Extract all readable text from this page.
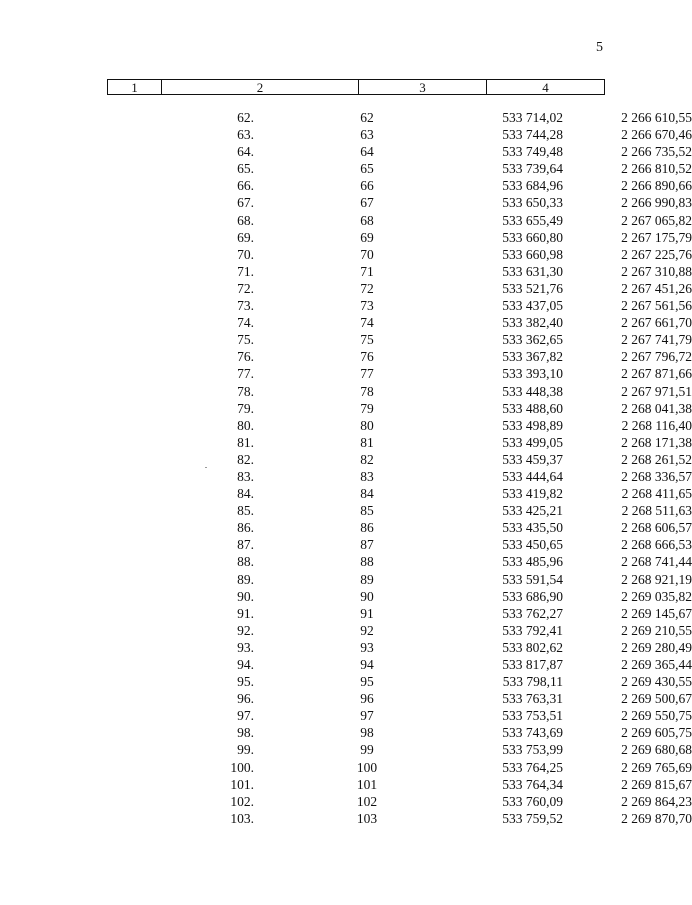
5
1	2	3	4
62.	62	533 714,02	2 266 610,55
63.	63	533 744,28	2 266 670,46
64.	64	533 749,48	2 266 735,52
65.	65	533 739,64	2 266 810,52
66.	66	533 684,96	2 266 890,66
67.	67	533 650,33	2 266 990,83
68.	68	533 655,49	2 267 065,82
69.	69	533 660,80	2 267 175,79
70.	70	533 660,98	2 267 225,76
71.	71	533 631,30	2 267 310,88
72.	72	533 521,76	2 267 451,26
73.	73	533 437,05	2 267 561,56
74.	74	533 382,40	2 267 661,70
75.	75	533 362,65	2 267 741,79
76.	76	533 367,82	2 267 796,72
77.	77	533 393,10	2 267 871,66
78.	78	533 448,38	2 267 971,51
79.	79	533 488,60	2 268 041,38
80.	80	533 498,89	2 268 116,40
81.	81	533 499,05	2 268 171,38
82.	82	533 459,37	2 268 261,52
83.	83	533 444,64	2 268 336,57
84.	84	533 419,82	2 268 411,65
85.	85	533 425,21	2 268 511,63
86.	86	533 435,50	2 268 606,57
87.	87	533 450,65	2 268 666,53
88.	88	533 485,96	2 268 741,44
89.	89	533 591,54	2 268 921,19
90.	90	533 686,90	2 269 035,82
91.	91	533 762,27	2 269 145,67
92.	92	533 792,41	2 269 210,55
93.	93	533 802,62	2 269 280,49
94.	94	533 817,87	2 269 365,44
95.	95	533 798,11	2 269 430,55
96.	96	533 763,31	2 269 500,67
97.	97	533 753,51	2 269 550,75
98.	98	533 743,69	2 269 605,75
99.	99	533 753,99	2 269 680,68
100.	100	533 764,25	2 269 765,69
101.	101	533 764,34	2 269 815,67
102.	102	533 760,09	2 269 864,23
103.	103	533 759,52	2 269 870,70
